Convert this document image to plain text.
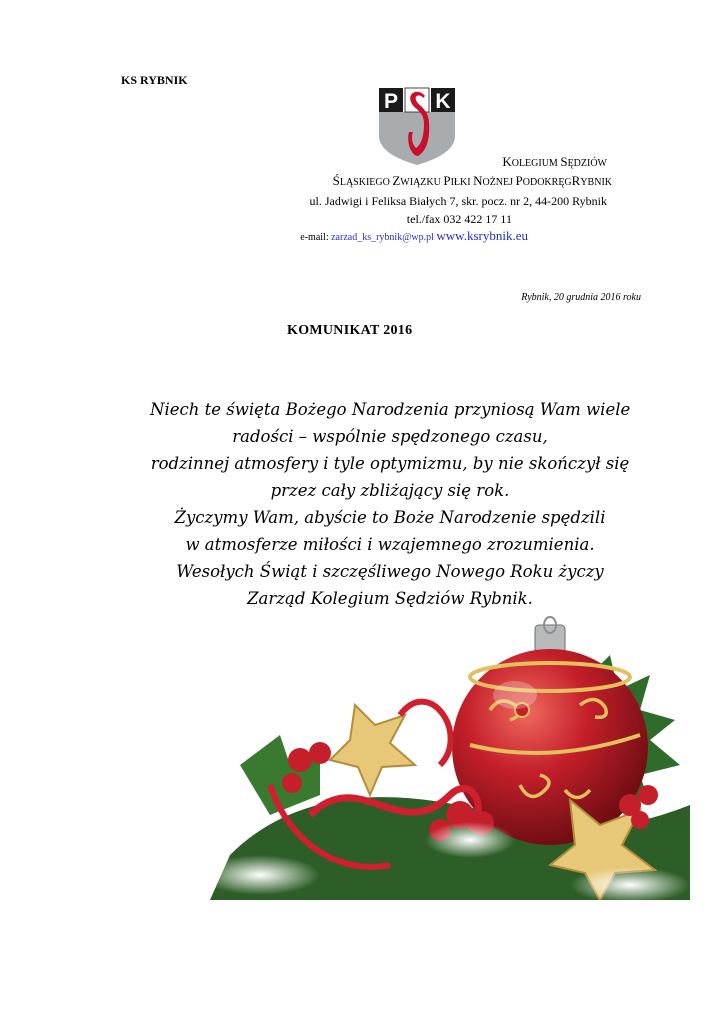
KS RYBNIK
P K
S
KOLEGIUM SĘDZIÓW
ŚLĄSKIEGO ZWIĄZKU PIŁKI NOŻNEJ PODOKRĘGRYBNIK
ul. Jadwigi i Feliksa Białych 7, skr. pocz. nr 2, 44-200 Rybnik
tel./fax 032 422 17 11
e-mail: zarzad_ks_rybnik@wp.pl www.ksrybnik.eu
Rybnik, 20 grudnia 2016 roku
KOMUNIKAT 2016
Niech te święta Bożego Narodzenia przyniosą Wam wiele
radości – wspólnie spędzonego czasu,
rodzinnej atmosfery i tyle optymizmu, by nie skończył się
przez cały zbliżający się rok.
Życzymy Wam, abyście to Boże Narodzenie spędzili
w atmosferze miłości i wzajemnego zrozumienia.
Wesołych Świąt i szczęśliwego Nowego Roku życzy
Zarząd Kolegium Sędziów Rybnik.
